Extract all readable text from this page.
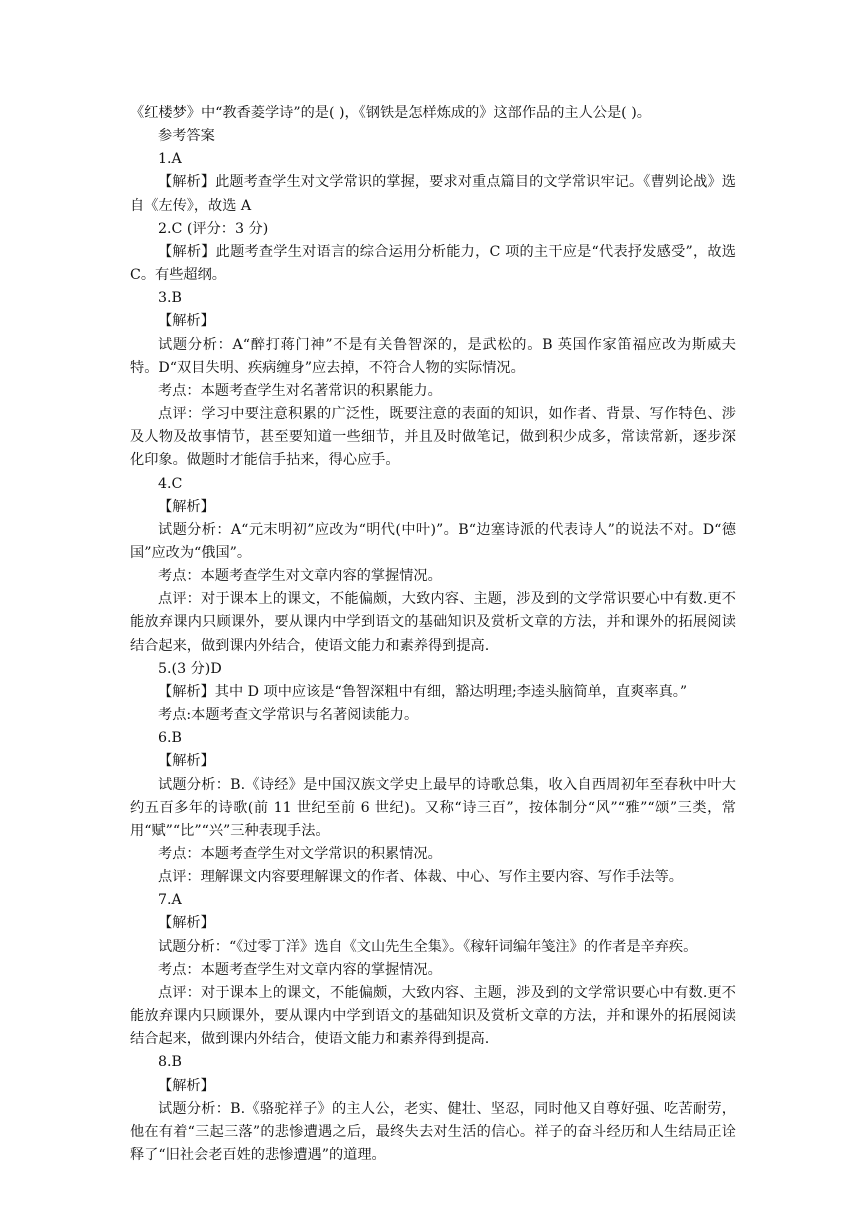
《红楼梦》中“教香菱学诗”的是( )，《钢铁是怎样炼成的》这部作品的主人公是( )。

参考答案

1.A

【解析】此题考查学生对文学常识的掌握，要求对重点篇目的文学常识牢记。《曹刿论战》选自《左传》，故选 A

2.C (评分：3 分)

【解析】此题考查学生对语言的综合运用分析能力，C 项的主干应是“代表抒发感受”，故选 C。有些超纲。

3.B

【解析】

试题分析：A“醉打蒋门神”不是有关鲁智深的，是武松的。B 英国作家笛福应改为斯威夫特。D“双目失明、疾病缠身”应去掉，不符合人物的实际情况。

考点：本题考查学生对名著常识的积累能力。

点评：学习中要注意积累的广泛性，既要注意的表面的知识，如作者、背景、写作特色、涉及人物及故事情节，甚至要知道一些细节，并且及时做笔记，做到积少成多，常读常新，逐步深化印象。做题时才能信手拈来，得心应手。

4.C

【解析】

试题分析：A“元末明初”应改为“明代(中叶)”。B“边塞诗派的代表诗人”的说法不对。D“德国”应改为“俄国”。

考点：本题考查学生对文章内容的掌握情况。

点评：对于课本上的课文，不能偏颇，大致内容、主题，涉及到的文学常识要心中有数.更不能放弃课内只顾课外，要从课内中学到语文的基础知识及赏析文章的方法，并和课外的拓展阅读结合起来，做到课内外结合，使语文能力和素养得到提高.

5.(3 分)D

【解析】其中 D 项中应该是“鲁智深粗中有细，豁达明理;李逵头脑简单，直爽率真。”

考点:本题考查文学常识与名著阅读能力。

6.B

【解析】

试题分析：B.《诗经》是中国汉族文学史上最早的诗歌总集，收入自西周初年至春秋中叶大约五百多年的诗歌(前 11 世纪至前 6 世纪)。又称“诗三百”，按体制分“风”“雅”“颂”三类，常用“赋”“比”“兴”三种表现手法。

考点：本题考查学生对文学常识的积累情况。

点评：理解课文内容要理解课文的作者、体裁、中心、写作主要内容、写作手法等。

7.A

【解析】

试题分析：“《过零丁洋》选自《文山先生全集》。《稼轩词编年笺注》的作者是辛弃疾。

考点：本题考查学生对文章内容的掌握情况。

点评：对于课本上的课文，不能偏颇，大致内容、主题，涉及到的文学常识要心中有数.更不能放弃课内只顾课外，要从课内中学到语文的基础知识及赏析文章的方法，并和课外的拓展阅读结合起来，做到课内外结合，使语文能力和素养得到提高.

8.B

【解析】

试题分析：B.《骆驼祥子》的主人公，老实、健壮、坚忍，同时他又自尊好强、吃苦耐劳，他在有着“三起三落”的悲惨遭遇之后，最终失去对生活的信心。祥子的奋斗经历和人生结局正诠释了“旧社会老百姓的悲惨遭遇”的道理。
